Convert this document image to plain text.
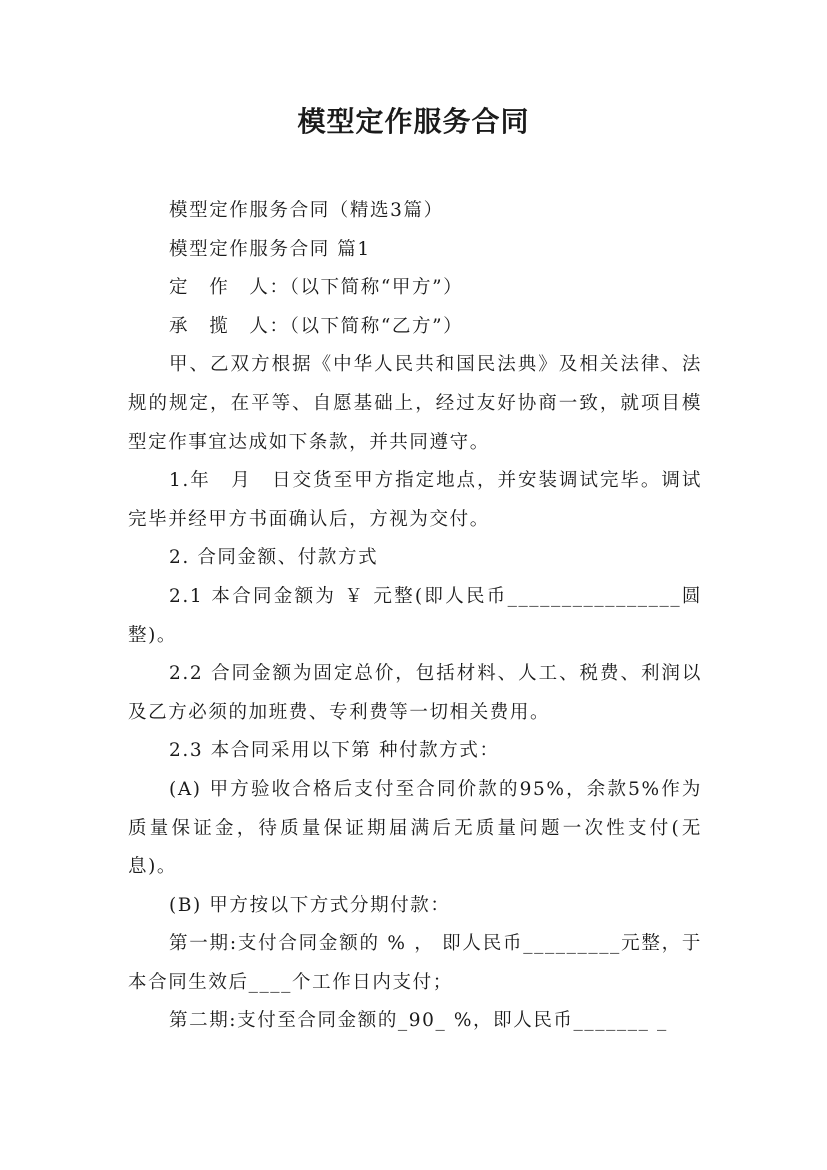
模型定作服务合同

模型定作服务合同（精选3篇）

模型定作服务合同 篇1

定　作　人：（以下简称“甲方”）

承　揽　人：（以下简称“乙方”）

甲、乙双方根据《中华人民共和国民法典》及相关法律、法规的规定，在平等、自愿基础上，经过友好协商一致，就项目模型定作事宜达成如下条款，并共同遵守。

1.年　月　日交货至甲方指定地点，并安装调试完毕。调试完毕并经甲方书面确认后，方视为交付。

2. 合同金额、付款方式

2.1 本合同金额为 ￥ 元整(即人民币________________圆整)。

2.2 合同金额为固定总价，包括材料、人工、税费、利润以及乙方必须的加班费、专利费等一切相关费用。

2.3 本合同采用以下第 种付款方式：

(A) 甲方验收合格后支付至合同价款的95%，余款5%作为质量保证金，待质量保证期届满后无质量问题一次性支付(无息)。

(B) 甲方按以下方式分期付款：

第一期:支付合同金额的 % ， 即人民币_________元整，于本合同生效后____个工作日内支付；

第二期:支付至合同金额的_90_ %，即人民币_______ _
